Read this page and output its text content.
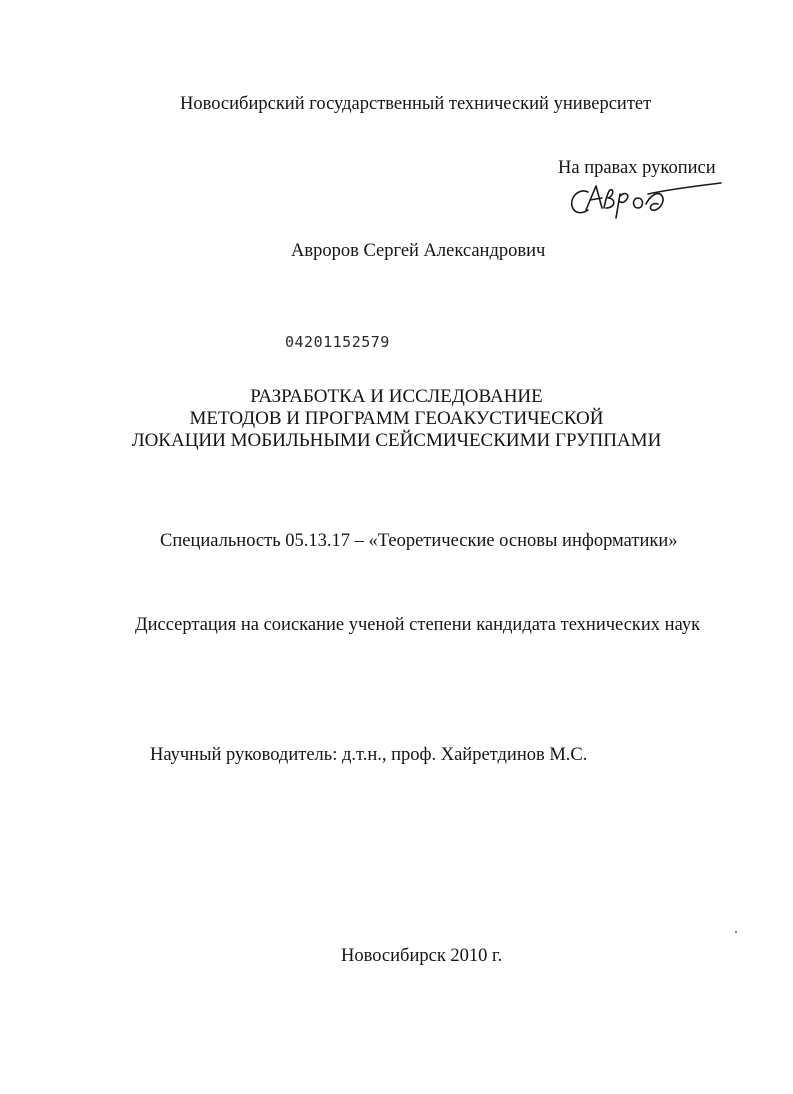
Новосибирский государственный технический университет
На правах рукописи
Авроров Сергей Александрович
04201152579
РАЗРАБОТКА И ИССЛЕДОВАНИЕ
МЕТОДОВ И ПРОГРАММ ГЕОАКУСТИЧЕСКОЙ
ЛОКАЦИИ МОБИЛЬНЫМИ СЕЙСМИЧЕСКИМИ ГРУППАМИ
Специальность 05.13.17 – «Теоретические основы информатики»
Диссертация на соискание ученой степени кандидата технических наук
Научный руководитель: д.т.н., проф. Хайретдинов М.С.
Новосибирск 2010 г.
